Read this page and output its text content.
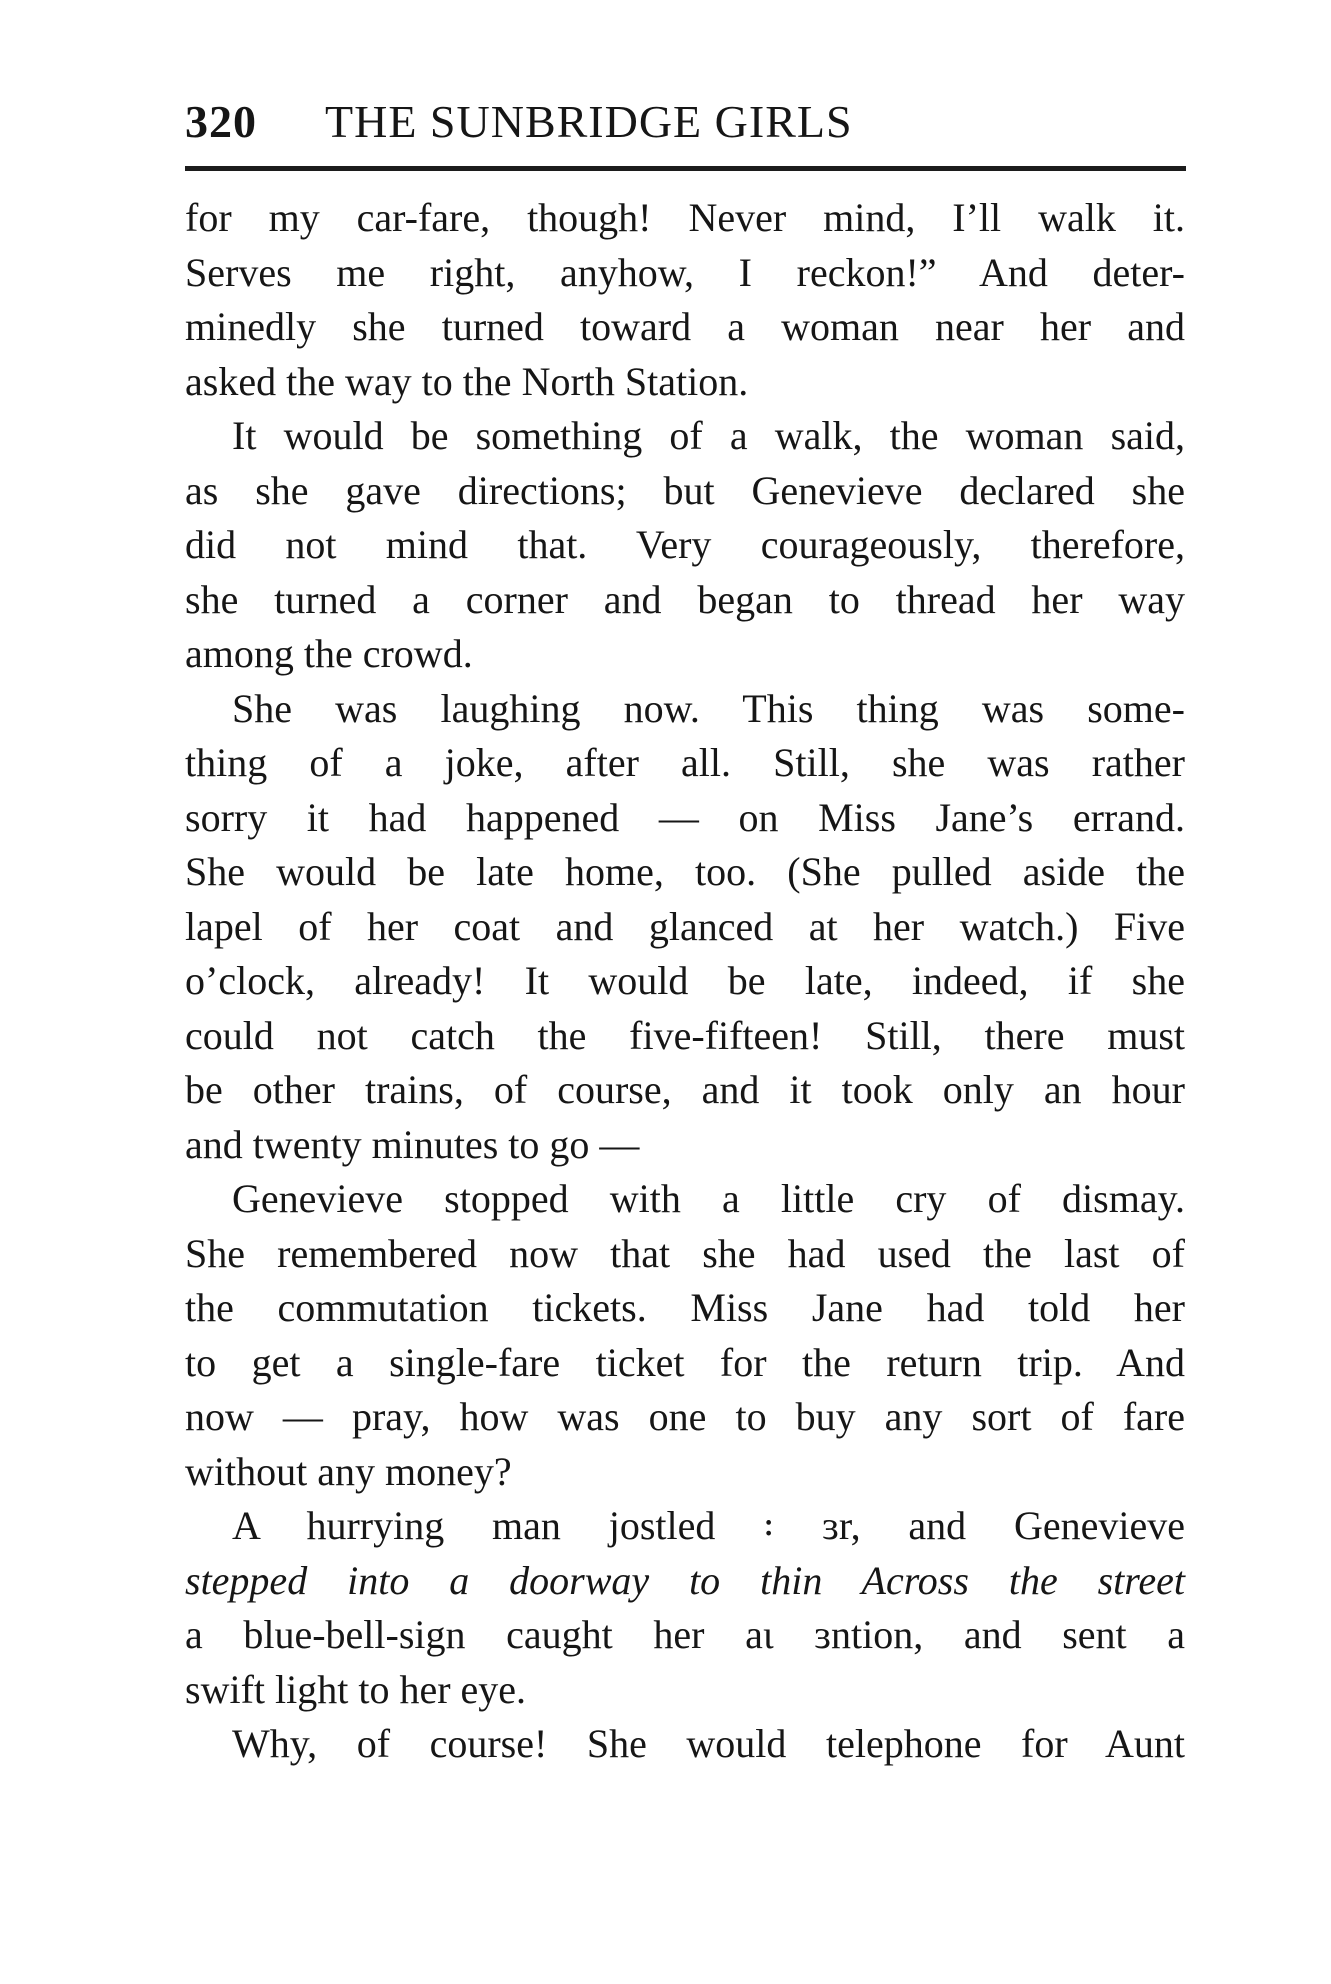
320 THE SUNBRIDGE GIRLS
for my car-fare, though! Never mind, I’ll walk it.
Serves me right, anyhow, I reckon!” And deter-
minedly she turned toward a woman near her and
asked the way to the North Station.
It would be something of a walk, the woman said,
as she gave directions; but Genevieve declared she
did not mind that. Very courageously, therefore,
she turned a corner and began to thread her way
among the crowd.
She was laughing now. This thing was some-
thing of a joke, after all. Still, she was rather
sorry it had happened — on Miss Jane’s errand.
She would be late home, too. (She pulled aside the
lapel of her coat and glanced at her watch.) Five
o’clock, already! It would be late, indeed, if she
could not catch the five-fifteen! Still, there must
be other trains, of course, and it took only an hour
and twenty minutes to go —
Genevieve stopped with a little cry of dismay.
She remembered now that she had used the last of
the commutation tickets. Miss Jane had told her
to get a single-fare ticket for the return trip. And
now — pray, how was one to buy any sort of fare
without any money?
A hurrying man jostled ꞉ ɜr, and Genevieve
stepped into a doorway to thin Across the street
a blue-bell-sign caught her aɩ ɜntion, and sent a
swift light to her eye.
Why, of course! She would telephone for Aunt
